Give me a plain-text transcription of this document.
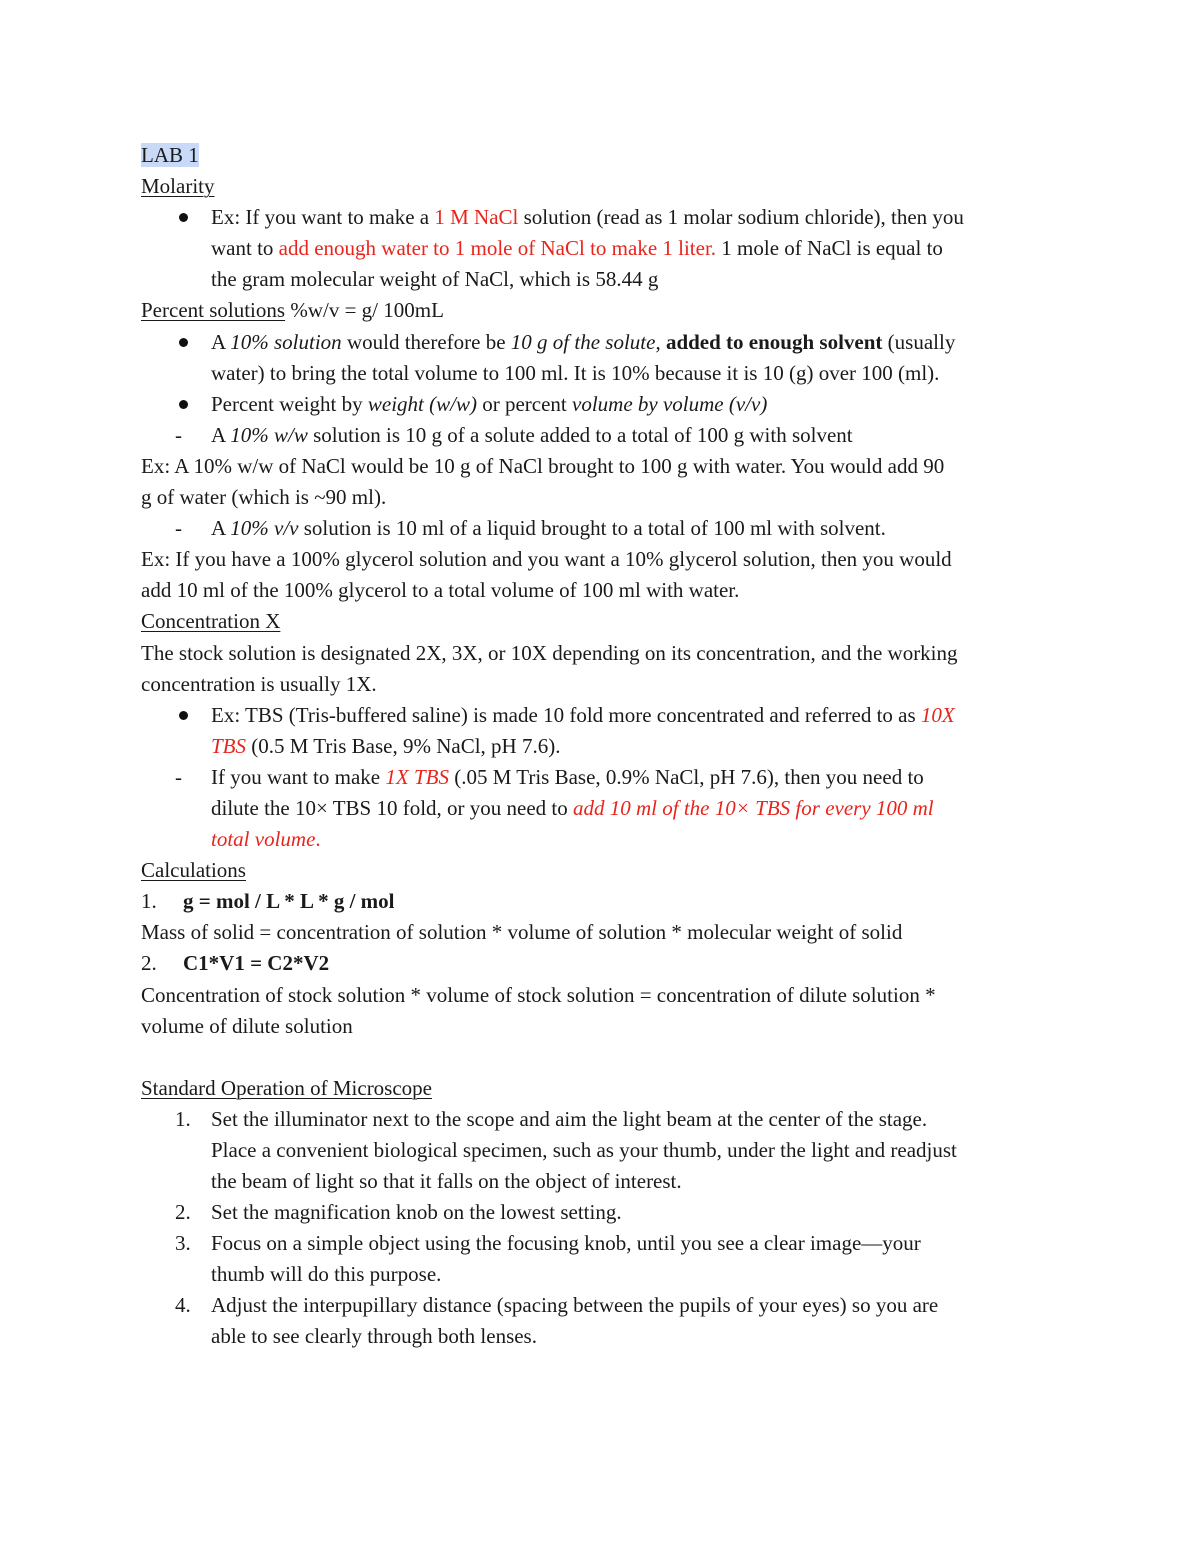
LAB 1
Molarity
Ex: If you want to make a 1 M NaCl solution (read as 1 molar sodium chloride), then you
want to add enough water to 1 mole of NaCl to make 1 liter. 1 mole of NaCl is equal to
the gram molecular weight of NaCl, which is 58.44 g
Percent solutions %w/v = g/ 100mL
A 10% solution would therefore be 10 g of the solute, added to enough solvent (usually
water) to bring the total volume to 100 ml. It is 10% because it is 10 (g) over 100 (ml).
Percent weight by weight (w/w) or percent volume by volume (v/v)
- A 10% w/w solution is 10 g of a solute added to a total of 100 g with solvent
Ex: A 10% w/w of NaCl would be 10 g of NaCl brought to 100 g with water. You would add 90
g of water (which is ~90 ml).
- A 10% v/v solution is 10 ml of a liquid brought to a total of 100 ml with solvent.
Ex: If you have a 100% glycerol solution and you want a 10% glycerol solution, then you would
add 10 ml of the 100% glycerol to a total volume of 100 ml with water.
Concentration X
The stock solution is designated 2X, 3X, or 10X depending on its concentration, and the working
concentration is usually 1X.
Ex: TBS (Tris-buffered saline) is made 10 fold more concentrated and referred to as 10X
TBS (0.5 M Tris Base, 9% NaCl, pH 7.6).
- If you want to make 1X TBS (.05 M Tris Base, 0.9% NaCl, pH 7.6), then you need to
dilute the 10× TBS 10 fold, or you need to add 10 ml of the 10× TBS for every 100 ml
total volume.
Calculations
1. g = mol / L * L * g / mol
Mass of solid = concentration of solution * volume of solution * molecular weight of solid
2. C1*V1 = C2*V2
Concentration of stock solution * volume of stock solution = concentration of dilute solution *
volume of dilute solution
Standard Operation of Microscope
1. Set the illuminator next to the scope and aim the light beam at the center of the stage.
Place a convenient biological specimen, such as your thumb, under the light and readjust
the beam of light so that it falls on the object of interest.
2. Set the magnification knob on the lowest setting.
3. Focus on a simple object using the focusing knob, until you see a clear image—your
thumb will do this purpose.
4. Adjust the interpupillary distance (spacing between the pupils of your eyes) so you are
able to see clearly through both lenses.
